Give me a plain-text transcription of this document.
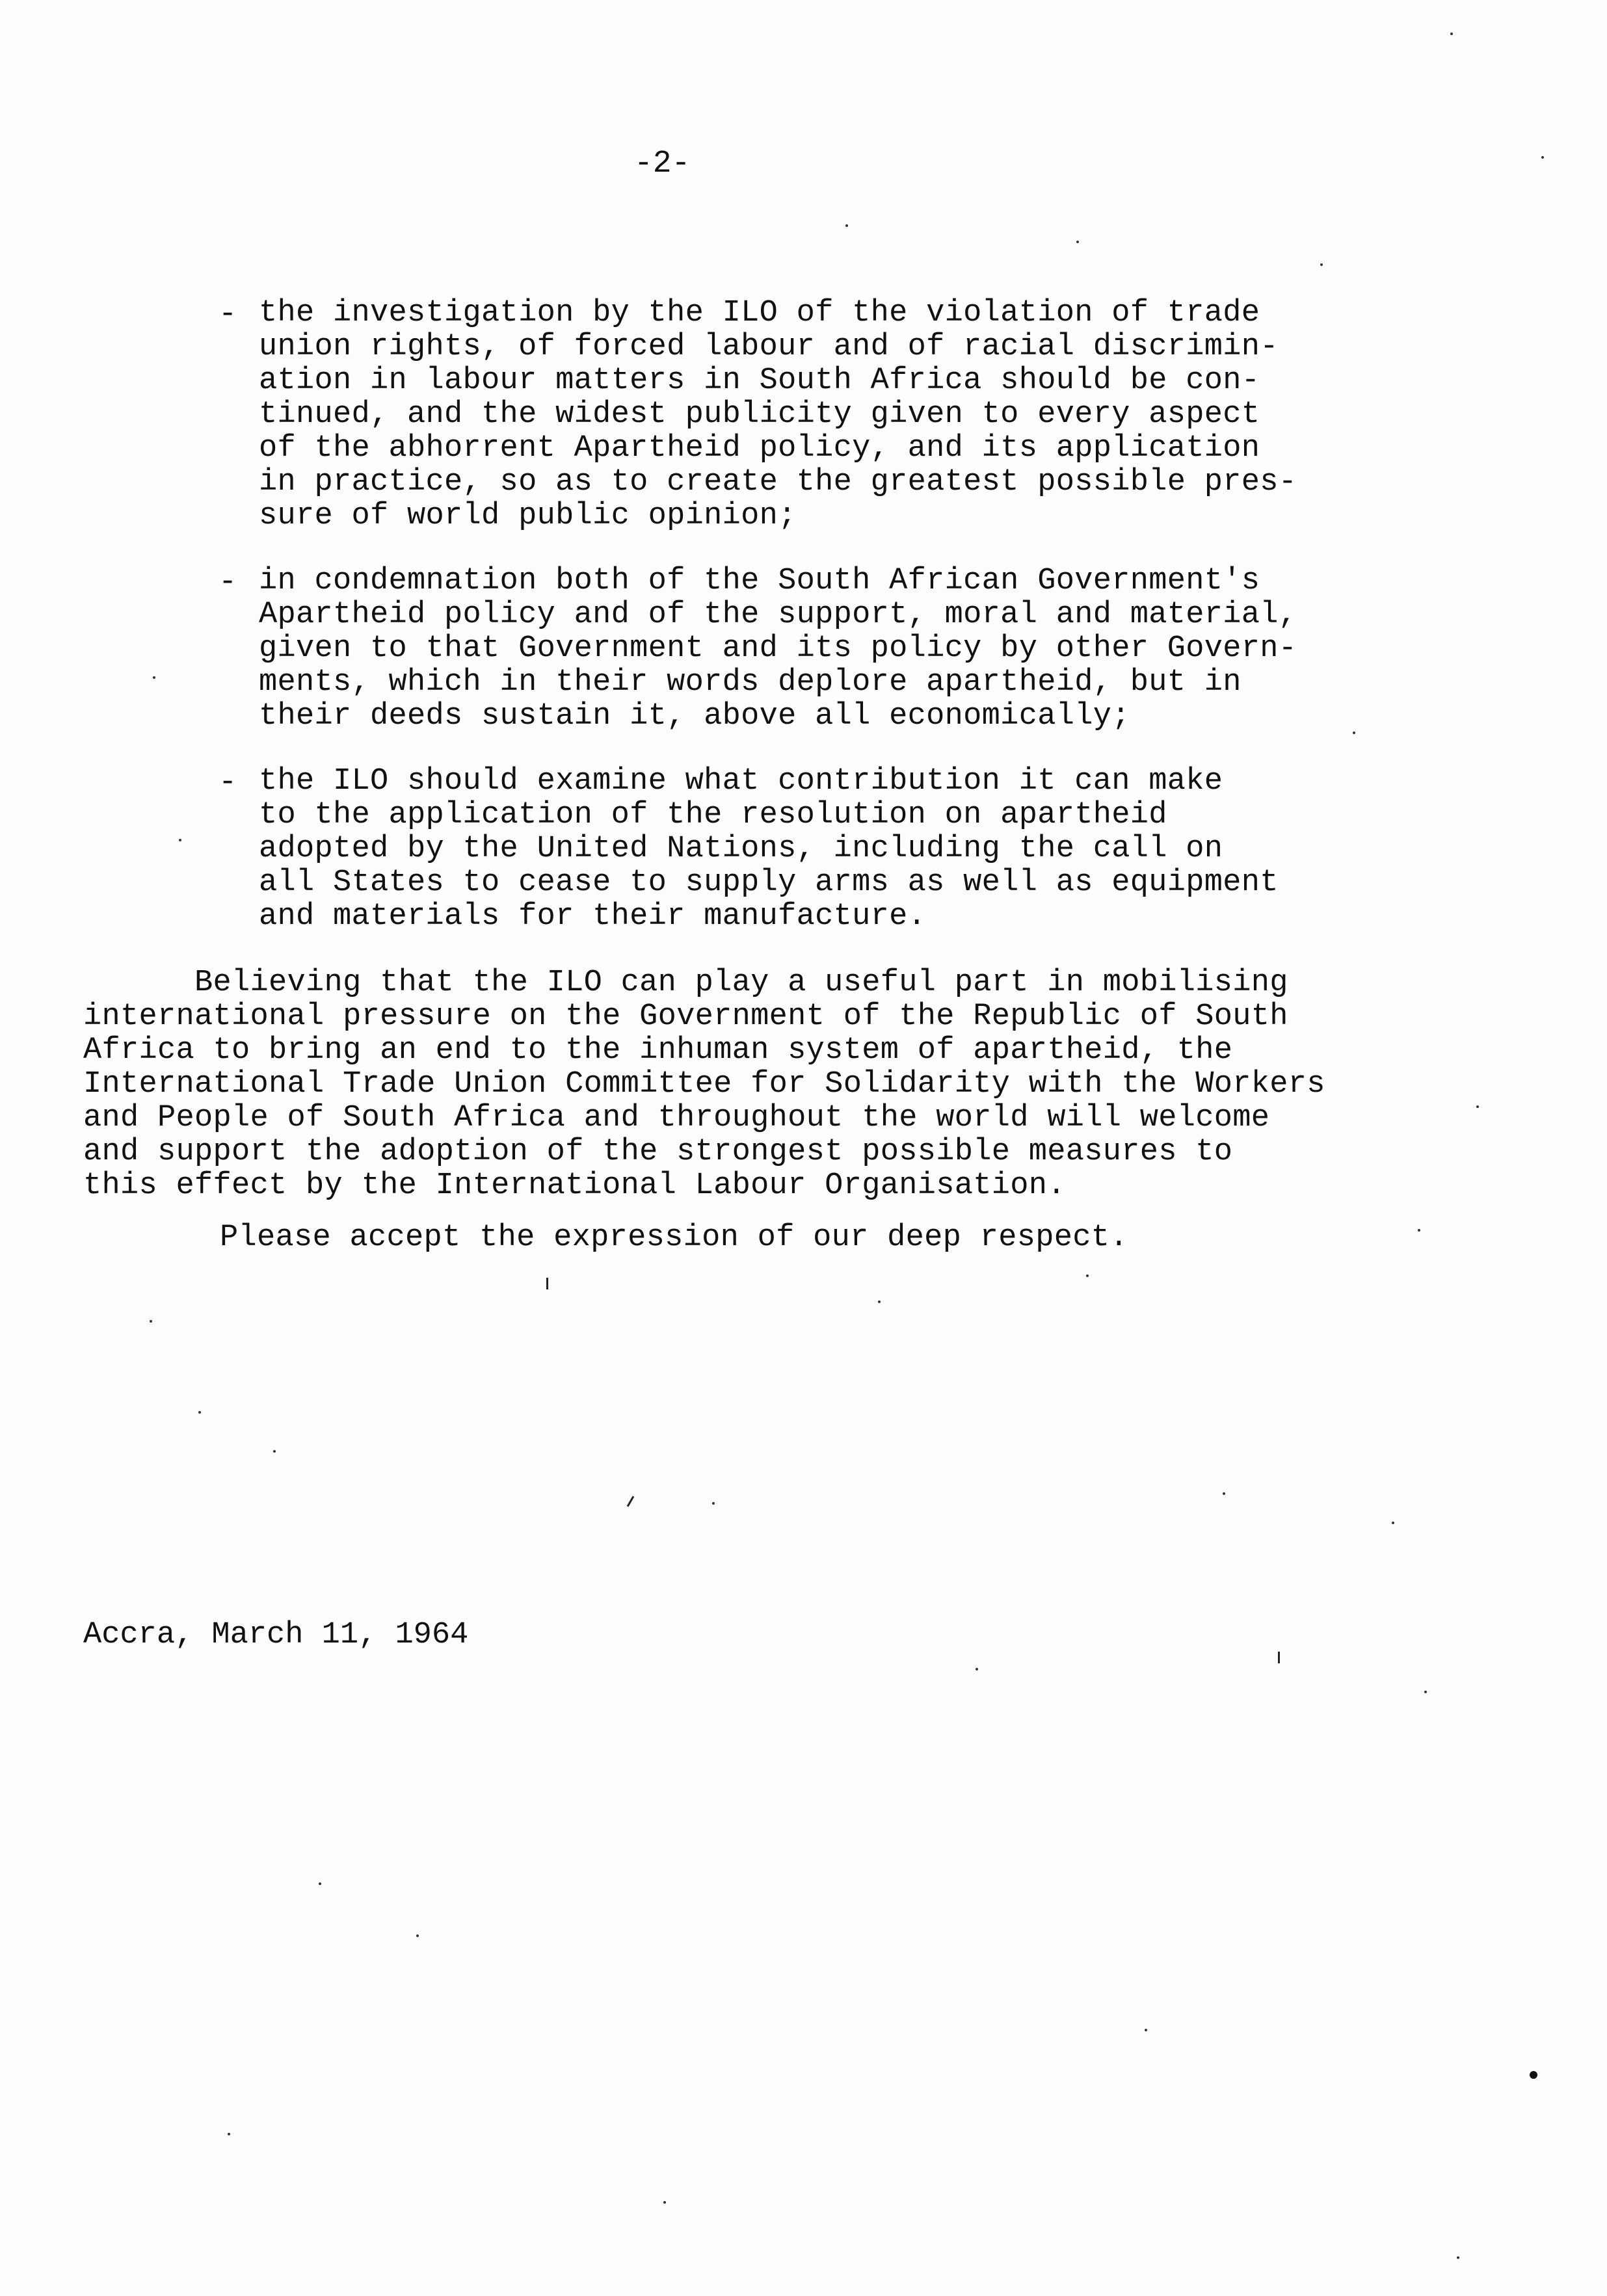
-2-
- the investigation by the ILO of the violation of trade
union rights, of forced labour and of racial discrimin-
ation in labour matters in South Africa should be con-
tinued, and the widest publicity given to every aspect
of the abhorrent Apartheid policy, and its application
in practice, so as to create the greatest possible pres-
sure of world public opinion;
- in condemnation both of the South African Government's
Apartheid policy and of the support, moral and material,
given to that Government and its policy by other Govern-
ments, which in their words deplore apartheid, but in
their deeds sustain it, above all economically;
- the ILO should examine what contribution it can make
to the application of the resolution on apartheid
adopted by the United Nations, including the call on
all States to cease to supply arms as well as equipment
and materials for their manufacture.
Believing that the ILO can play a useful part in mobilising
international pressure on the Government of the Republic of South
Africa to bring an end to the inhuman system of apartheid, the
International Trade Union Committee for Solidarity with the Workers
and People of South Africa and throughout the world will welcome
and support the adoption of the strongest possible measures to
this effect by the International Labour Organisation.
Please accept the expression of our deep respect.
Accra, March 11, 1964
